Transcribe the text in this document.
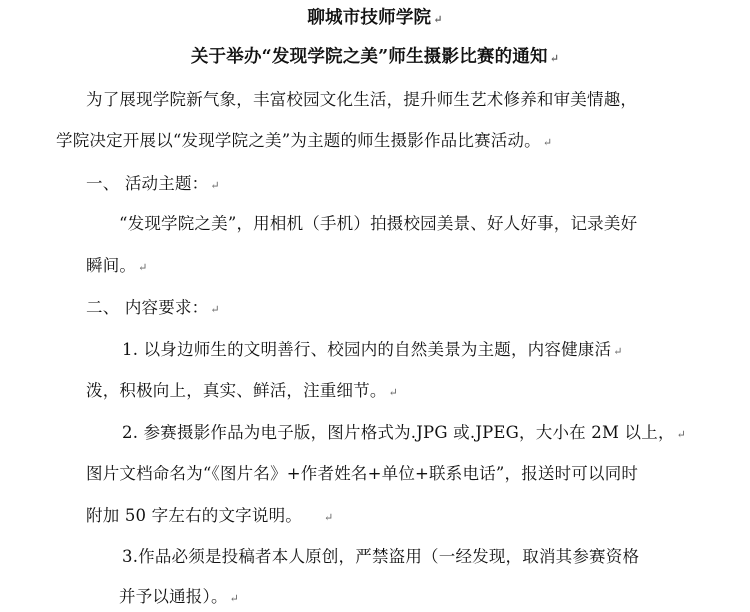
聊城市技师学院 ↵
关于举办“发现学院之美”师生摄影比赛的通知 ↵
为了展现学院新气象，丰富校园文化生活，提升师生艺术修养和审美情趣，
学院决定开展以“发现学院之美”为主题的师生摄影作品比赛活动。 ↵
一、 活动主题： ↵
“发现学院之美”，用相机（手机）拍摄校园美景、好人好事，记录美好
瞬间。 ↵
二、 内容要求： ↵
1. 以身边师生的文明善行、校园内的自然美景为主题，内容健康活 ↵
泼，积极向上，真实、鲜活，注重细节。 ↵
2. 参赛摄影作品为电子版，图片格式为.JPG 或.JPEG，大小在 2M 以上， ↵
图片文档命名为“《图片名》+作者姓名+单位+联系电话”，报送时可以同时
附加 50 字左右的文字说明。 ↵
3.作品必须是投稿者本人原创，严禁盗用（一经发现，取消其参赛资格
并予以通报）。 ↵
